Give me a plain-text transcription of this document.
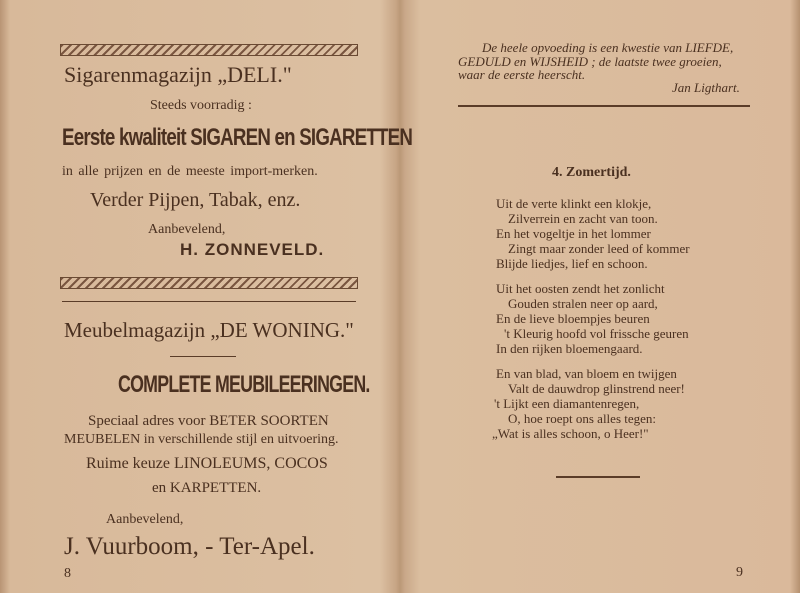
Sigarenmagazijn „DELI."
Steeds voorradig :
Eerste kwaliteit SIGAREN en SIGARETTEN
in alle prijzen en de meeste import-merken.
Verder Pijpen, Tabak, enz.
Aanbevelend,
H. ZONNEVELD.
Meubelmagazijn „DE WONING."
COMPLETE MEUBILEERINGEN.
Speciaal adres voor BETER SOORTEN
MEUBELEN in verschillende stijl en uitvoering.
Ruime keuze LINOLEUMS, COCOS
en KARPETTEN.
Aanbevelend,
J. Vuurboom, - Ter-Apel.
8
De heele opvoeding is een kwestie van LIEFDE,
GEDULD en WIJSHEID ; de laatste twee groeien,
waar de eerste heerscht.
Jan Ligthart.
4. Zomertijd.
Uit de verte klinkt een klokje,
Zilverrein en zacht van toon.
En het vogeltje in het lommer
Zingt maar zonder leed of kommer
Blijde liedjes, lief en schoon.
Uit het oosten zendt het zonlicht
Gouden stralen neer op aard,
En de lieve bloempjes beuren
't Kleurig hoofd vol frissche geuren
In den rijken bloemengaard.
En van blad, van bloem en twijgen
Valt de dauwdrop glinstrend neer!
't Lijkt een diamantenregen,
O, hoe roept ons alles tegen:
„Wat is alles schoon, o Heer!"
9
